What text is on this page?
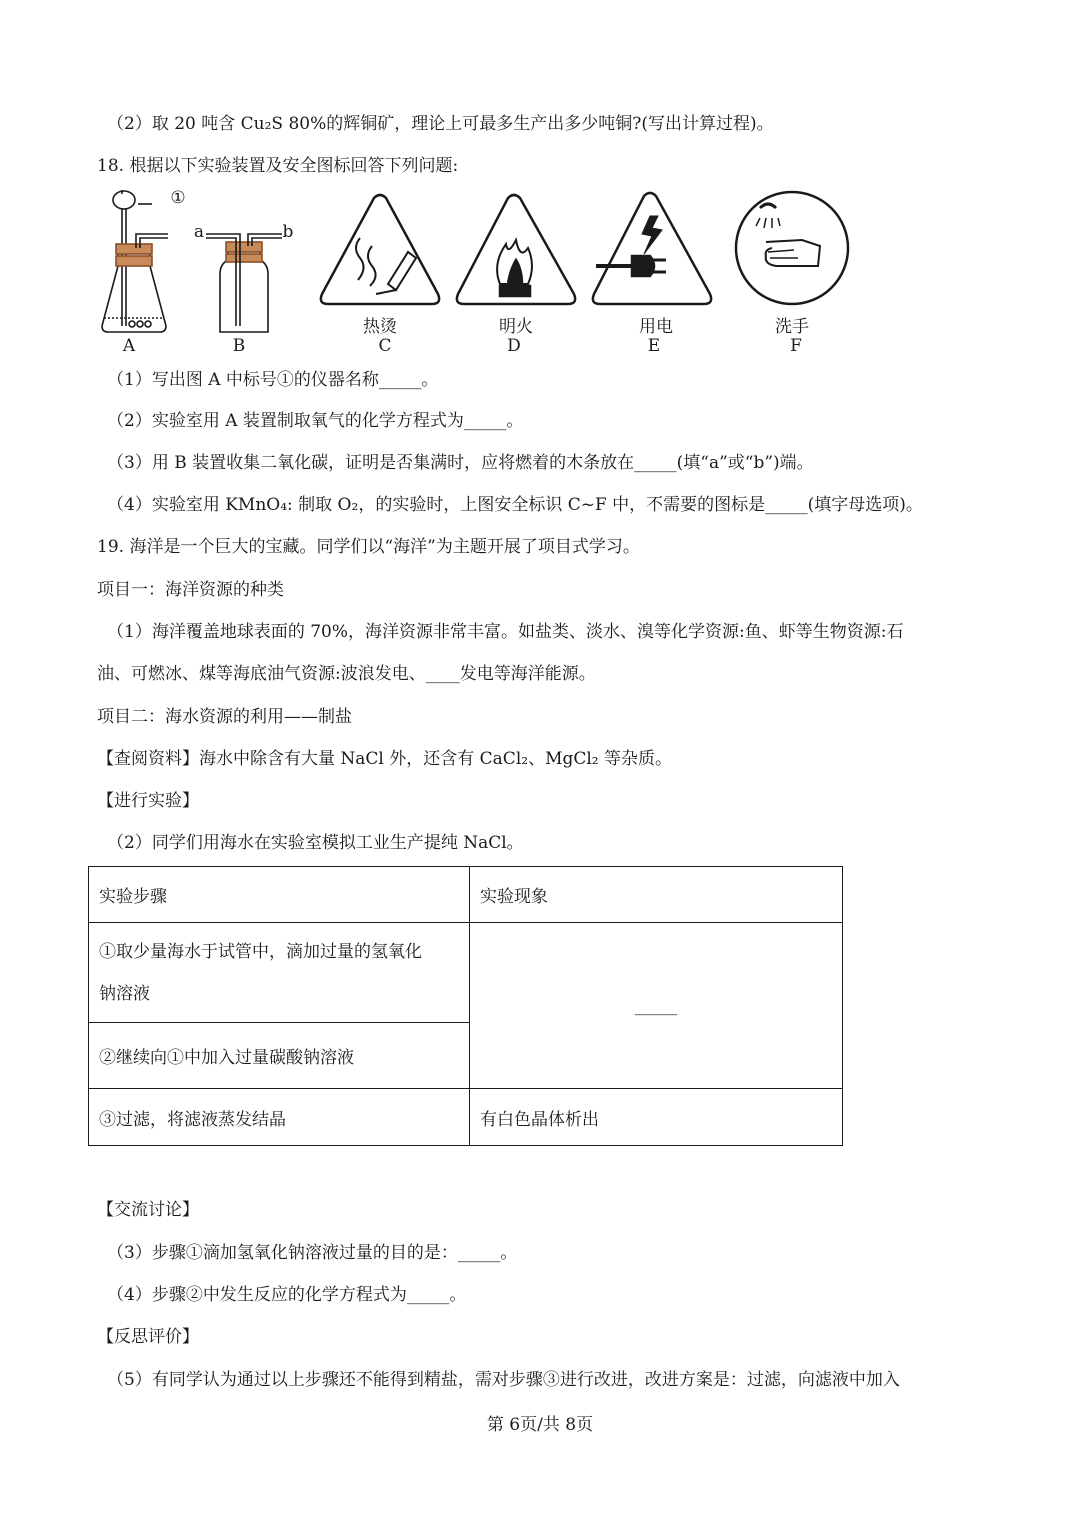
（2）取 20 吨含 Cu₂S 80%的辉铜矿，理论上可最多生产出多少吨铜?(写出计算过程)。
18. 根据以下实验装置及安全图标回答下列问题:
①
a	b
热烫	明火	用电	洗手
A	B	C	D	E	F
（1）写出图 A 中标号①的仪器名称_____。
（2）实验室用 A 装置制取氧气的化学方程式为_____。
（3）用 B 装置收集二氧化碳，证明是否集满时，应将燃着的木条放在_____(填“a”或“b”)端。
（4）实验室用 KMnO₄: 制取 O₂，的实验时，上图安全标识 C~F 中，不需要的图标是_____(填字母选项)。
19. 海洋是一个巨大的宝藏。同学们以“海洋”为主题开展了项目式学习。
项目一：海洋资源的种类
（1）海洋覆盖地球表面的 70%，海洋资源非常丰富。如盐类、淡水、溴等化学资源:鱼、虾等生物资源:石
油、可燃冰、煤等海底油气资源:波浪发电、____发电等海洋能源。
项目二：海水资源的利用——制盐
【查阅资料】海水中除含有大量 NaCl 外，还含有 CaCl₂、MgCl₂ 等杂质。
【进行实验】
（2）同学们用海水在实验室模拟工业生产提纯 NaCl。
实验步骤	实验现象

①取少量海水于试管中，滴加过量的氢氧化
钠溶液	_____
②继续向①中加入过量碳酸钠溶液	
③过滤，将滤液蒸发结晶	有白色晶体析出
【交流讨论】
（3）步骤①滴加氢氧化钠溶液过量的目的是：_____。
（4）步骤②中发生反应的化学方程式为_____。
【反思评价】
（5）有同学认为通过以上步骤还不能得到精盐，需对步骤③进行改进，改进方案是：过滤，向滤液中加入
第 6页/共 8页
